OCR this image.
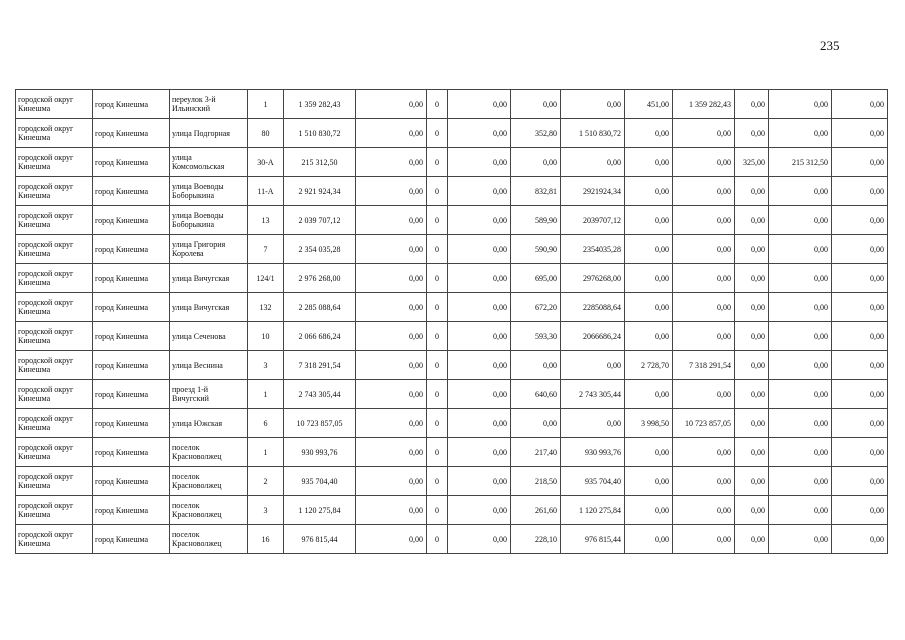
235
городской округ Кинешма	город Кинешма	переулок 3-й Ильинский	1	1 359 282,43	0,00	0	0,00	0,00	0,00	451,00	1 359 282,43	0,00	0,00	0,00
городской округ Кинешма	город Кинешма	улица Подгорная	80	1 510 830,72	0,00	0	0,00	352,80	1 510 830,72	0,00	0,00	0,00	0,00	0,00
городской округ Кинешма	город Кинешма	улица Комсомольская	30-А	215 312,50	0,00	0	0,00	0,00	0,00	0,00	0,00	325,00	215 312,50	0,00
городской округ Кинешма	город Кинешма	улица Воеводы Боборыкина	11-А	2 921 924,34	0,00	0	0,00	832,81	2921924,34	0,00	0,00	0,00	0,00	0,00
городской округ Кинешма	город Кинешма	улица Воеводы Боборыкина	13	2 039 707,12	0,00	0	0,00	589,90	2039707,12	0,00	0,00	0,00	0,00	0,00
городской округ Кинешма	город Кинешма	улица Григория Королева	7	2 354 035,28	0,00	0	0,00	590,90	2354035,28	0,00	0,00	0,00	0,00	0,00
городской округ Кинешма	город Кинешма	улица Вичугская	124/1	2 976 268,00	0,00	0	0,00	695,00	2976268,00	0,00	0,00	0,00	0,00	0,00
городской округ Кинешма	город Кинешма	улица Вичугская	132	2 285 088,64	0,00	0	0,00	672,20	2285088,64	0,00	0,00	0,00	0,00	0,00
городской округ Кинешма	город Кинешма	улица Сеченова	10	2 066 686,24	0,00	0	0,00	593,30	2066686,24	0,00	0,00	0,00	0,00	0,00
городской округ Кинешма	город Кинешма	улица Веснина	3	7 318 291,54	0,00	0	0,00	0,00	0,00	2 728,70	7 318 291,54	0,00	0,00	0,00
городской округ Кинешма	город Кинешма	проезд 1-й Вичугский	1	2 743 305,44	0,00	0	0,00	640,60	2 743 305,44	0,00	0,00	0,00	0,00	0,00
городской округ Кинешма	город Кинешма	улица Южская	6	10 723 857,05	0,00	0	0,00	0,00	0,00	3 998,50	10 723 857,05	0,00	0,00	0,00
городской округ Кинешма	город Кинешма	поселок Красноволжец	1	930 993,76	0,00	0	0,00	217,40	930 993,76	0,00	0,00	0,00	0,00	0,00
городской округ Кинешма	город Кинешма	поселок Красноволжец	2	935 704,40	0,00	0	0,00	218,50	935 704,40	0,00	0,00	0,00	0,00	0,00
городской округ Кинешма	город Кинешма	поселок Красноволжец	3	1 120 275,84	0,00	0	0,00	261,60	1 120 275,84	0,00	0,00	0,00	0,00	0,00
городской округ Кинешма	город Кинешма	поселок Красноволжец	16	976 815,44	0,00	0	0,00	228,10	976 815,44	0,00	0,00	0,00	0,00	0,00
